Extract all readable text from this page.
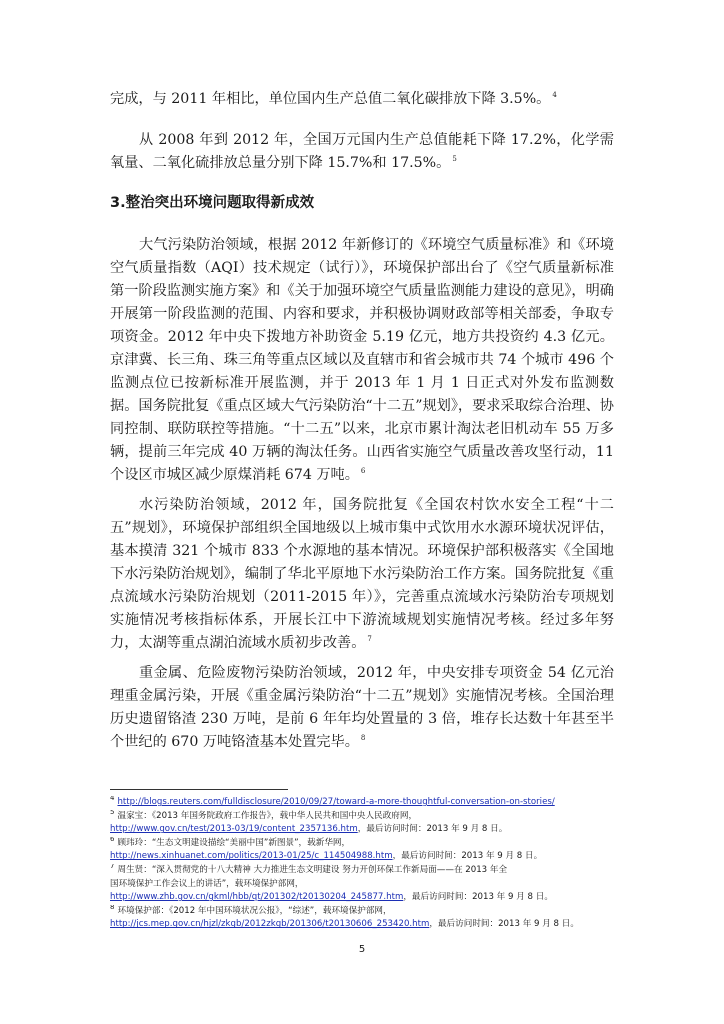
完成，与 2011 年相比，单位国内生产总值二氧化碳排放下降 3.5%。 $^4$

从 2008 年到 2012 年，全国万元国内生产总值能耗下降 17.2%，化学需氧量、二氧化硫排放总量分别下降 15.7%和 17.5%。 $^5$

3.整治突出环境问题取得新成效

大气污染防治领域，根据 2012 年新修订的《环境空气质量标准》和《环境空气质量指数（AQI）技术规定（试行）》，环境保护部出台了《空气质量新标准第一阶段监测实施方案》和《关于加强环境空气质量监测能力建设的意见》，明确开展第一阶段监测的范围、内容和要求，并积极协调财政部等相关部委，争取专项资金。2012 年中央下拨地方补助资金 5.19 亿元，地方共投资约 4.3 亿元。京津冀、长三角、珠三角等重点区域以及直辖市和省会城市共 74 个城市 496 个监测点位已按新标准开展监测，并于 2013 年 1 月 1 日正式对外发布监测数据。国务院批复《重点区域大气污染防治“十二五”规划》，要求采取综合治理、协同控制、联防联控等措施。“十二五”以来，北京市累计淘汰老旧机动车 55 万多辆，提前三年完成 40 万辆的淘汰任务。山西省实施空气质量改善攻坚行动，11 个设区市城区减少原煤消耗 674 万吨。 $^6$

水污染防治领域，2012 年，国务院批复《全国农村饮水安全工程“十二五”规划》，环境保护部组织全国地级以上城市集中式饮用水水源环境状况评估，基本摸清 321 个城市 833 个水源地的基本情况。环境保护部积极落实《全国地下水污染防治规划》，编制了华北平原地下水污染防治工作方案。国务院批复《重点流域水污染防治规划（2011-2015 年）》，完善重点流域水污染防治专项规划实施情况考核指标体系，开展长江中下游流域规划实施情况考核。经过多年努力，太湖等重点湖泊流域水质初步改善。 $^7$

重金属、危险废物污染防治领域，2012 年，中央安排专项资金 54 亿元治理重金属污染，开展《重金属污染防治“十二五”规划》实施情况考核。全国治理历史遗留铬渣 230 万吨，是前 6 年年均处置量的 3 倍，堆存长达数十年甚至半个世纪的 670 万吨铬渣基本处置完毕。 $^8$

$^4$ http://blogs.reuters.com/fulldisclosure/2010/09/27/toward-a-more-thoughtful-conversation-on-stories/
$^5$ 温家宝：《2013 年国务院政府工作报告》，载中华人民共和国中央人民政府网，
http://www.gov.cn/test/2013-03/19/content_2357136.htm，最后访问时间：2013 年 9 月 8 日。
$^6$ 顾玮玲：“生态文明建设描绘“美丽中国”新图景”，载新华网，
http://news.xinhuanet.com/politics/2013-01/25/c_114504988.htm，最后访问时间：2013 年 9 月 8 日。
$^7$ 周生贤：“深入贯彻党的十八大精神 大力推进生态文明建设 努力开创环保工作新局面——在 2013 年全
国环境保护工作会议上的讲话”，载环境保护部网，
http://www.zhb.gov.cn/gkml/hbb/qt/201302/t20130204_245877.htm，最后访问时间：2013 年 9 月 8 日。
$^8$ 环境保护部：《2012 年中国环境状况公报》，“综述”，载环境保护部网，
http://jcs.mep.gov.cn/hjzl/zkgb/2012zkgb/201306/t20130606_253420.htm，最后访问时间：2013 年 9 月 8 日。
5
